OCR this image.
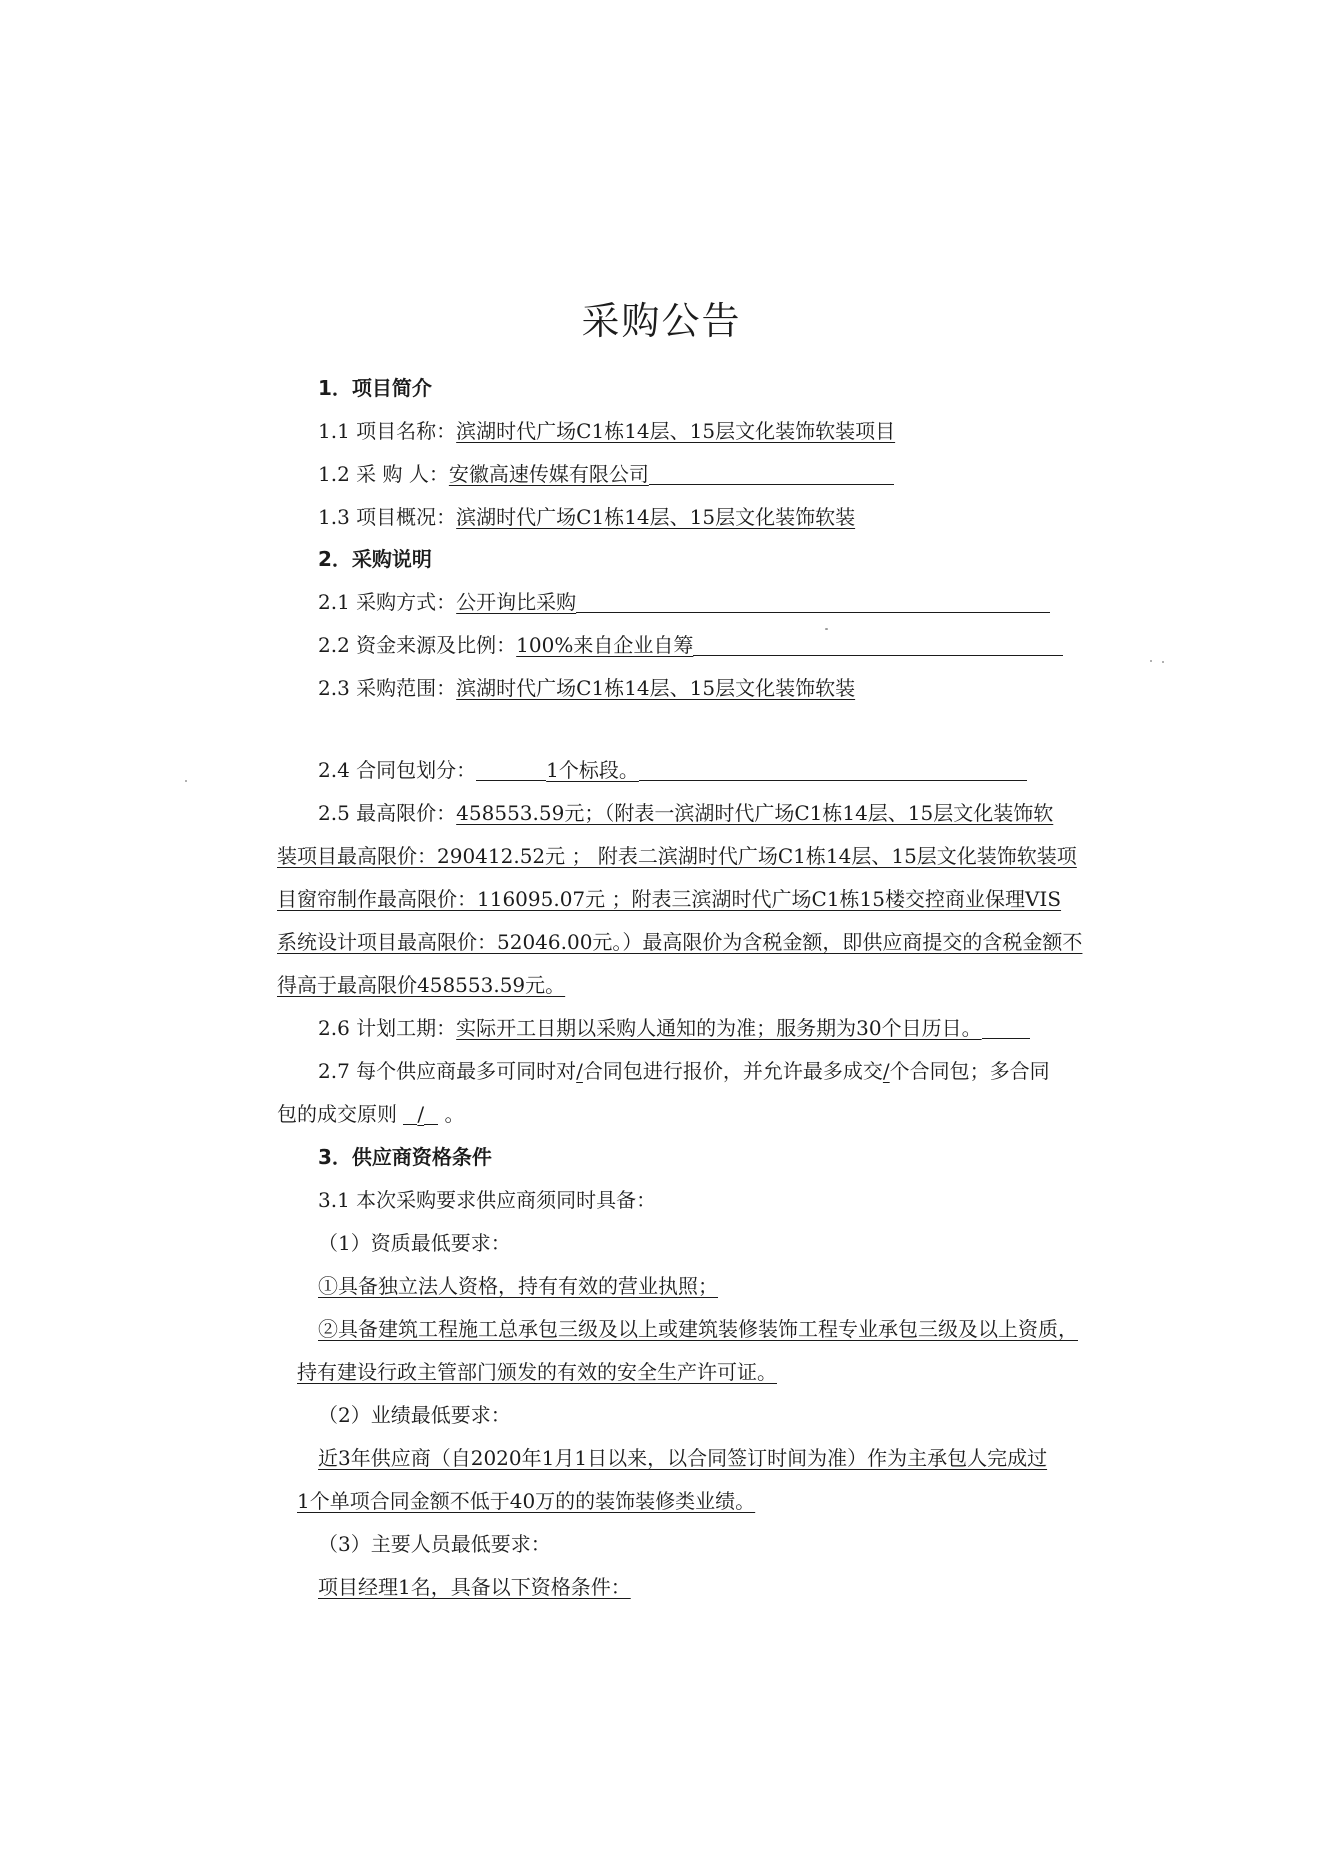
采购公告
1．项目简介
1.1 项目名称：滨湖时代广场C1栋14层、15层文化装饰软装项目
1.2 采 购 人：安徽高速传媒有限公司
1.3 项目概况：滨湖时代广场C1栋14层、15层文化装饰软装
2．采购说明
2.1 采购方式：公开询比采购
2.2 资金来源及比例：100%来自企业自筹
2.3 采购范围：滨湖时代广场C1栋14层、15层文化装饰软装
2.4 合同包划分：	1个标段。
2.5 最高限价：458553.59元；（附表一滨湖时代广场C1栋14层、15层文化装饰软
装项目最高限价：290412.52元 ； 附表二滨湖时代广场C1栋14层、15层文化装饰软装项
目窗帘制作最高限价：116095.07元 ；附表三滨湖时代广场C1栋15楼交控商业保理VIS
系统设计项目最高限价：52046.00元。）最高限价为含税金额，即供应商提交的含税金额不
得高于最高限价458553.59元。
2.6 计划工期：实际开工日期以采购人通知的为准；服务期为30个日历日。
2.7 每个供应商最多可同时对/合同包进行报价，并允许最多成交/个合同包；多合同
包的成交原则 / 。
3．供应商资格条件
3.1 本次采购要求供应商须同时具备：
（1）资质最低要求：
①具备独立法人资格，持有有效的营业执照；
②具备建筑工程施工总承包三级及以上或建筑装修装饰工程专业承包三级及以上资质，
持有建设行政主管部门颁发的有效的安全生产许可证。
（2）业绩最低要求：
近3年供应商（自2020年1月1日以来，以合同签订时间为准）作为主承包人完成过
1个单项合同金额不低于40万的的装饰装修类业绩。
（3）主要人员最低要求：
项目经理1名，具备以下资格条件：
